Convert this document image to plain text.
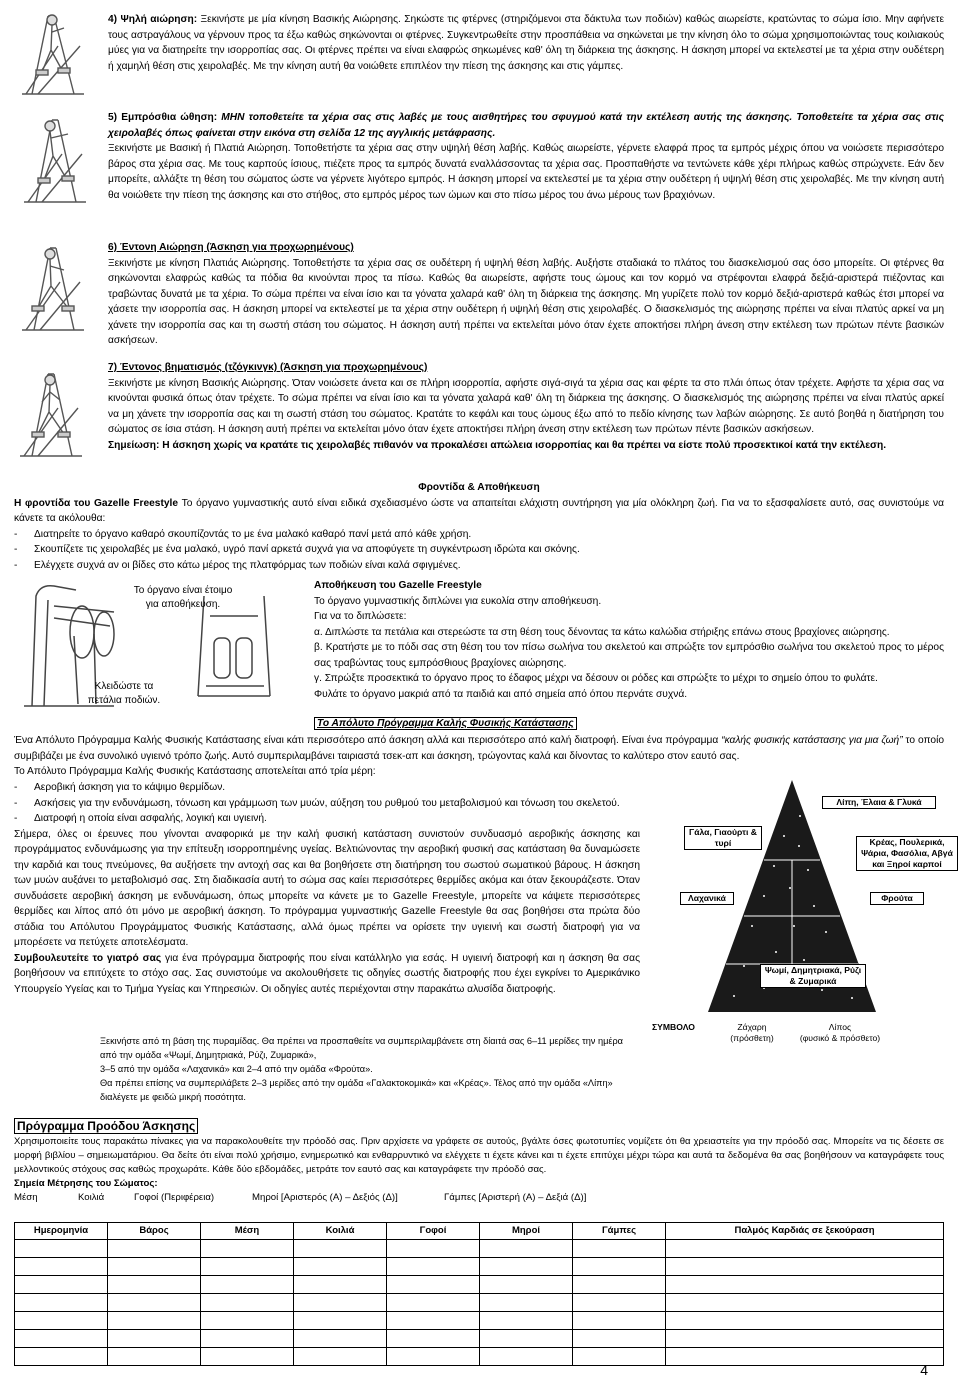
4) Ψηλή αιώρηση: Ξεκινήστε με μία κίνηση Βασικής Αιώρησης. Σηκώστε τις φτέρνες (στηριζόμενοι στα δάκτυλα των ποδιών) καθώς αιωρείστε, κρατώντας το σώμα ίσιο. Μην αφήνετε τους αστραγάλους να γέρνουν προς τα έξω καθώς σηκώνονται οι φτέρνες. Συγκεντρωθείτε στην προσπάθεια να σηκώνεται με την κίνηση όλο το σώμα χρησιμοποιώντας τους κοιλιακούς μύες για να διατηρείτε την ισορροπίας σας. Οι φτέρνες πρέπει να είναι ελαφρώς σηκωμένες καθ' όλη τη διάρκεια της άσκησης. Η άσκηση μπορεί να εκτελεστεί με τα χέρια στην ουδέτερη ή χαμηλή θέση στις χειρολαβές. Με την κίνηση αυτή θα νοιώθετε επιπλέον την πίεση της άσκησης και στις γάμπες.

5) Εμπρόσθια ώθηση: ΜΗΝ τοποθετείτε τα χέρια σας στις λαβές με τους αισθητήρες του σφυγμού κατά την εκτέλεση αυτής της άσκησης. Τοποθετείτε τα χέρια σας στις χειρολαβές όπως φαίνεται στην εικόνα στη σελίδα 12 της αγγλικής μετάφρασης.

Ξεκινήστε με Βασική ή Πλατιά Αιώρηση. Τοποθετήστε τα χέρια σας στην υψηλή θέση λαβής. Καθώς αιωρείστε, γέρνετε ελαφρά προς τα εμπρός μέχρις όπου να νοιώσετε περισσότερο βάρος στα χέρια σας. Με τους καρπούς ίσιους, πιέζετε προς τα εμπρός δυνατά εναλλάσσοντας τα χέρια σας. Προσπαθήστε να τεντώνετε κάθε χέρι πλήρως καθώς σπρώχνετε. Εάν δεν μπορείτε, αλλάξτε τη θέση του σώματος ώστε να γέρνετε λιγότερο εμπρός. Η άσκηση μπορεί να εκτελεστεί με τα χέρια στην ουδέτερη ή υψηλή θέση στις χειρολαβές. Με την κίνηση αυτή θα νοιώθετε την πίεση της άσκησης και στο στήθος, στο εμπρός μέρος των ώμων και στο πίσω μέρος του άνω μέρους των βραχιόνων.

6) Έντονη Αιώρηση (Άσκηση για προχωρημένους)

Ξεκινήστε με κίνηση Πλατιάς Αιώρησης. Τοποθετήστε τα χέρια σας σε ουδέτερη ή υψηλή θέση λαβής. Αυξήστε σταδιακά το πλάτος του διασκελισμού σας όσο μπορείτε. Οι φτέρνες θα σηκώνονται ελαφρώς καθώς τα πόδια θα κινούνται προς τα πίσω. Καθώς θα αιωρείστε, αφήστε τους ώμους και τον κορμό να στρέφονται ελαφρά δεξιά-αριστερά πιέζοντας και τραβώντας δυνατά με τα χέρια. Το σώμα πρέπει να είναι ίσιο και τα γόνατα χαλαρά καθ' όλη τη διάρκεια της άσκησης. Μη γυρίζετε πολύ τον κορμό δεξιά-αριστερά καθώς έτσι μπορεί να χάσετε την ισορροπία σας. Η άσκηση μπορεί να εκτελεστεί με τα χέρια στην ουδέτερη ή υψηλή θέση στις χειρολαβές. Ο διασκελισμός της αιώρησης πρέπει να είναι πλατύς αρκεί να μη χάνετε την ισορροπία σας και τη σωστή στάση του σώματος. Η άσκηση αυτή πρέπει να εκτελείται μόνο όταν έχετε αποκτήσει πλήρη άνεση στην εκτέλεση των πρώτων πέντε βασικών ασκήσεων.

7) Έντονος βηματισμός (τζόγκινγκ) (Άσκηση για προχωρημένους)

Ξεκινήστε με κίνηση Βασικής Αιώρησης. Όταν νοιώσετε άνετα και σε πλήρη ισορροπία, αφήστε σιγά-σιγά τα χέρια σας και φέρτε τα στο πλάι όπως όταν τρέχετε. Αφήστε τα χέρια σας να κινούνται φυσικά όπως όταν τρέχετε. Το σώμα πρέπει να είναι ίσιο και τα γόνατα χαλαρά καθ' όλη τη διάρκεια της άσκησης. Ο διασκελισμός της αιώρησης πρέπει να είναι πλατύς αρκεί να μη χάνετε την ισορροπία σας και τη σωστή στάση του σώματος. Κρατάτε το κεφάλι και τους ώμους έξω από το πεδίο κίνησης των λαβών αιώρησης. Σε αυτό βοηθά η διατήρηση του σώματος σε ίσια στάση. Η άσκηση αυτή πρέπει να εκτελείται μόνο όταν έχετε αποκτήσει πλήρη άνεση στην εκτέλεση των πρώτων πέντε βασικών ασκήσεων.

Σημείωση: Η άσκηση χωρίς να κρατάτε τις χειρολαβές πιθανόν να προκαλέσει απώλεια ισορροπίας και θα πρέπει να είστε πολύ προσεκτικοί κατά την εκτέλεση.

Φροντίδα & Αποθήκευση

Η φροντίδα του Gazelle Freestyle Το όργανο γυμναστικής αυτό είναι ειδικά σχεδιασμένο ώστε να απαιτείται ελάχιστη συντήρηση για μία ολόκληρη ζωή. Για να το εξασφαλίσετε αυτό, σας συνιστούμε να κάνετε τα ακόλουθα:

- Διατηρείτε το όργανο καθαρό σκουπίζοντάς το με ένα μαλακό καθαρό πανί μετά από κάθε χρήση.
- Σκουπίζετε τις χειρολαβές με ένα μαλακό, υγρό πανί αρκετά συχνά για να αποφύγετε τη συγκέντρωση ιδρώτα και σκόνης.
- Ελέγχετε συχνά αν οι βίδες στο κάτω μέρος της πλατφόρμας των ποδιών είναι καλά σφιγμένες.
Το όργανο είναι έτοιμο για αποθήκευση.
Κλειδώστε τα πετάλια ποδιών.

Αποθήκευση του Gazelle Freestyle

Το όργανο γυμναστικής διπλώνει για ευκολία στην αποθήκευση.

Για να το διπλώσετε:

α. Διπλώστε τα πετάλια και στερεώστε τα στη θέση τους δένοντας τα κάτω καλώδια στήριξης επάνω στους βραχίονες αιώρησης.

β. Κρατήστε με το πόδι σας στη θέση του τον πίσω σωλήνα του σκελετού και σπρώξτε τον εμπρόσθιο σωλήνα του σκελετού προς το μέρος σας τραβώντας τους εμπρόσθιους βραχίονες αιώρησης.

γ. Σπρώξτε προσεκτικά το όργανο προς το έδαφος μέχρι να δέσουν οι ρόδες και σπρώξτε το μέχρι το σημείο όπου το φυλάτε.

Φυλάτε το όργανο μακριά από τα παιδιά και από σημεία από όπου περνάτε συχνά.

Το Απόλυτο Πρόγραμμα Καλής Φυσικής Κατάστασης

Ένα Απόλυτο Πρόγραμμα Καλής Φυσικής Κατάστασης είναι κάτι περισσότερο από άσκηση αλλά και περισσότερο από καλή διατροφή. Είναι ένα πρόγραμμα “καλής φυσικής κατάστασης για μια ζωή” το οποίο συμβιβάζει με ένα συνολικό υγιεινό τρόπο ζωής. Αυτό συμπεριλαμβάνει ταιριαστά τσεκ-απ και άσκηση, τρώγοντας καλά και δίνοντας το καλύτερο στον εαυτό σας.

Το Απόλυτο Πρόγραμμα Καλής Φυσικής Κατάστασης αποτελείται από τρία μέρη:

- Αεροβική άσκηση για το κάψιμο θερμίδων.
- Ασκήσεις για την ενδυνάμωση, τόνωση και γράμμωση των μυών, αύξηση του ρυθμού του μεταβολισμού και τόνωση του σκελετού.
- Διατροφή η οποία είναι ασφαλής, λογική και υγιεινή.

Σήμερα, όλες οι έρευνες που γίνονται αναφορικά με την καλή φυσική κατάσταση συνιστούν συνδυασμό αεροβικής άσκησης και προγράμματος ενδυνάμωσης για την επίτευξη ισορροπημένης υγείας. Βελτιώνοντας την αεροβική φυσική σας κατάσταση θα δυναμώσετε την καρδιά και τους πνεύμονες, θα αυξήσετε την αντοχή σας και θα βοηθήσετε στη διατήρηση του σωστού σωματικού βάρους. Η άσκηση των μυών αυξάνει το μεταβολισμό σας. Στη διαδικασία αυτή το σώμα σας καίει περισσότερες θερμίδες ακόμα και όταν ξεκουράζεστε. Όταν συνδυάσετε αεροβική άσκηση με ενδυνάμωση, όπως μπορείτε να κάνετε με το Gazelle Freestyle, μπορείτε να κάψετε περισσότερες θερμίδες και λίπος από ότι μόνο με αεροβική άσκηση. Το πρόγραμμα γυμναστικής Gazelle Freestyle θα σας βοηθήσει στα πρώτα δύο στάδια του Απόλυτου Προγράμματος Φυσικής Κατάστασης, αλλά όμως πρέπει να ορίσετε την υγιεινή και σωστή διατροφή για να μπορέσετε να πετύχετε αποτελέσματα.

Συμβουλευτείτε το γιατρό σας για ένα πρόγραμμα διατροφής που είναι κατάλληλο για εσάς. Η υγιεινή διατροφή και η άσκηση θα σας βοηθήσουν να επιτύχετε το στόχο σας. Σας συνιστούμε να ακολουθήσετε τις οδηγίες σωστής διατροφής που έχει εγκρίνει το Αμερικάνικο Υπουργείο Υγείας και το Τμήμα Υγείας και Υπηρεσιών. Οι οδηγίες αυτές περιέχονται στην παρακάτω αλυσίδα διατροφής.

Ξεκινήστε από τη βάση της πυραμίδας. Θα πρέπει να προσπαθείτε να συμπεριλαμβάνετε στη δίαιτά σας 6–11 μερίδες την ημέρα από την ομάδα «Ψωμί, Δημητριακά, Ρύζι, Ζυμαρικά»,

3–5 από την ομάδα «Λαχανικά» και 2–4 από την ομάδα «Φρούτα».

Θα πρέπει επίσης να συμπεριλάβετε 2–3 μερίδες από την ομάδα «Γαλακτοκομικά» και «Κρέας». Τέλος από την ομάδα «Λίπη» διαλέγετε με φειδώ μικρή ποσότητα.

Λίπη, Έλαια & Γλυκά
Γάλα, Γιαούρτι & τυρί	Κρέας, Πουλερικά, Ψάρια, Φασόλια, Αβγά και Ξηροί καρποί
Λαχανικά	Φρούτα
Ψωμί, Δημητριακά, Ρύζι & Ζυμαρικά
ΣΥΜΒΟΛΟ	Ζάχαρη
(πρόσθετη)
Λίπος
(φυσικό & πρόσθετο)

Πρόγραμμα Προόδου Άσκησης

Χρησιμοποιείτε τους παρακάτω πίνακες για να παρακολουθείτε την πρόοδό σας. Πριν αρχίσετε να γράφετε σε αυτούς, βγάλτε όσες φωτοτυπίες νομίζετε ότι θα χρειαστείτε για την πρόοδό σας. Μπορείτε να τις δέσετε σε μορφή βιβλίου – σημειωματάριου. Θα δείτε ότι είναι πολύ χρήσιμο, ενημερωτικό και ενθαρρυντικό να ελέγχετε τι έχετε κάνει και τι έχετε επιτύχει μέχρι τώρα και αυτά τα δεδομένα θα σας βοηθήσουν να καταγράφετε τους μελλοντικούς στόχους σας καθώς προχωράτε. Κάθε δύο εβδομάδες, μετράτε τον εαυτό σας και καταγράφετε την πρόοδό σας.

Σημεία Μέτρησης του Σώματος:

Μέση	Κοιλιά	Γοφοί (Περιφέρεια)	Μηροί [Αριστερός (Α) – Δεξιός (Δ)]	Γάμπες [Αριστερή (Α) – Δεξιά (Δ)]

Ημερομηνία	Βάρος	Μέση	Κοιλιά	Γοφοί	Μηροί	Γάμπες	Παλμός Καρδιάς σε ξεκούραση

4
